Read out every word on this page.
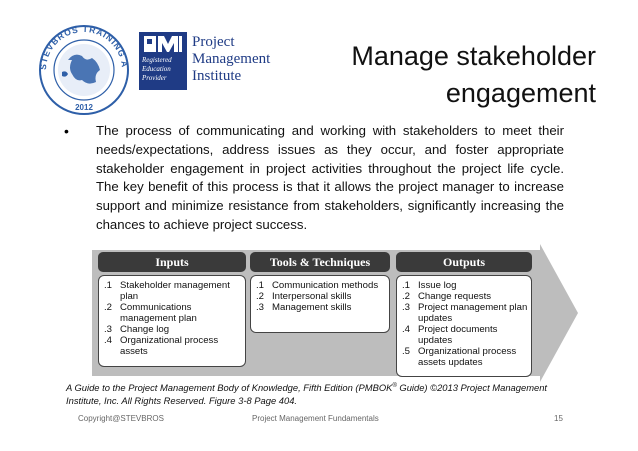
STEVBROS TRAINING A
2012
Registered
Education
Provider
Project
Management
Institute
Manage stakeholder
engagement
• The process of communicating and working with stakeholders to meet their needs/expectations, address issues as they occur, and foster appropriate stakeholder engagement in project activities throughout the project life cycle. The key benefit of this process is that it allows the project manager to increase support and minimize resistance from stakeholders, significantly increasing the chances to achieve project success.
Inputs
.1 Stakeholder management plan
.2 Communications management plan
.3 Change log
.4 Organizational process assets
Tools & Techniques
.1 Communication methods
.2 Interpersonal skills
.3 Management skills
Outputs
.1 Issue log
.2 Change requests
.3 Project management plan updates
.4 Project documents updates
.5 Organizational process assets updates
A Guide to the Project Management Body of Knowledge, Fifth Edition (PMBOK® Guide) ©2013 Project Management Institute, Inc. All Rights Reserved. Figure 3-8 Page 404.
Copyright@STEVBROS	Project Management Fundamentals	15
